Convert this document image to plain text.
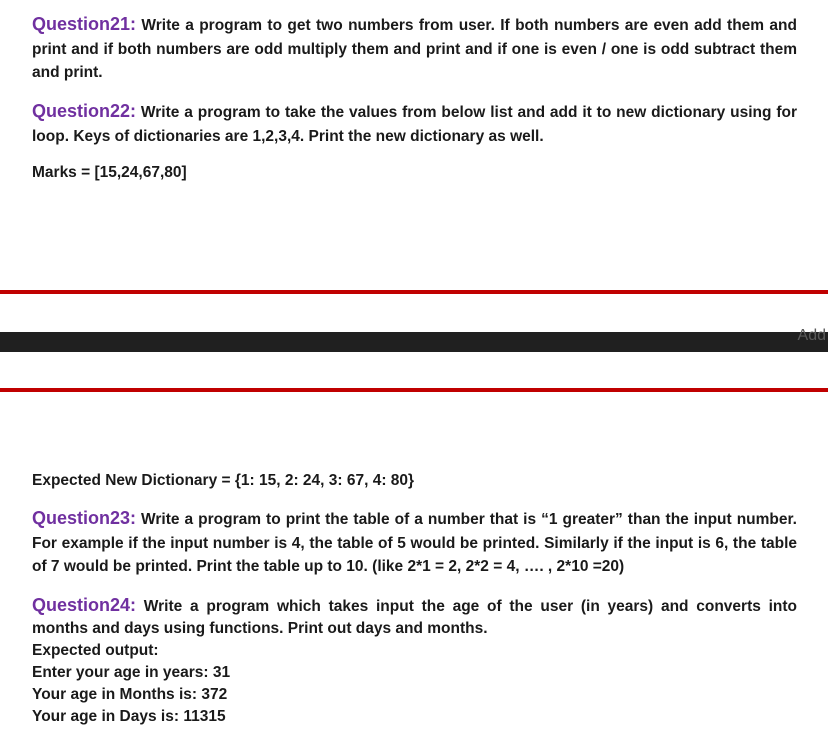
Question21: Write a program to get two numbers from user. If both numbers are even add them and print and if both numbers are odd multiply them and print and if one is even / one is odd subtract them and print.
Question22: Write a program to take the values from below list and add it to new dictionary using for loop. Keys of dictionaries are 1,2,3,4. Print the new dictionary as well.
Marks = [15,24,67,80]
Add
Expected New Dictionary = {1: 15, 2: 24, 3: 67, 4: 80}
Question23: Write a program to print the table of a number that is “1 greater” than the input number. For example if the input number is 4, the table of 5 would be printed. Similarly if the input is 6, the table of 7 would be printed. Print the table up to 10. (like 2*1 = 2, 2*2 = 4, …. , 2*10 =20)
Question24: Write a program which takes input the age of the user (in years) and converts into months and days using functions. Print out days and months.
Expected output:
Enter your age in years: 31
Your age in Months is: 372
Your age in Days is: 11315
